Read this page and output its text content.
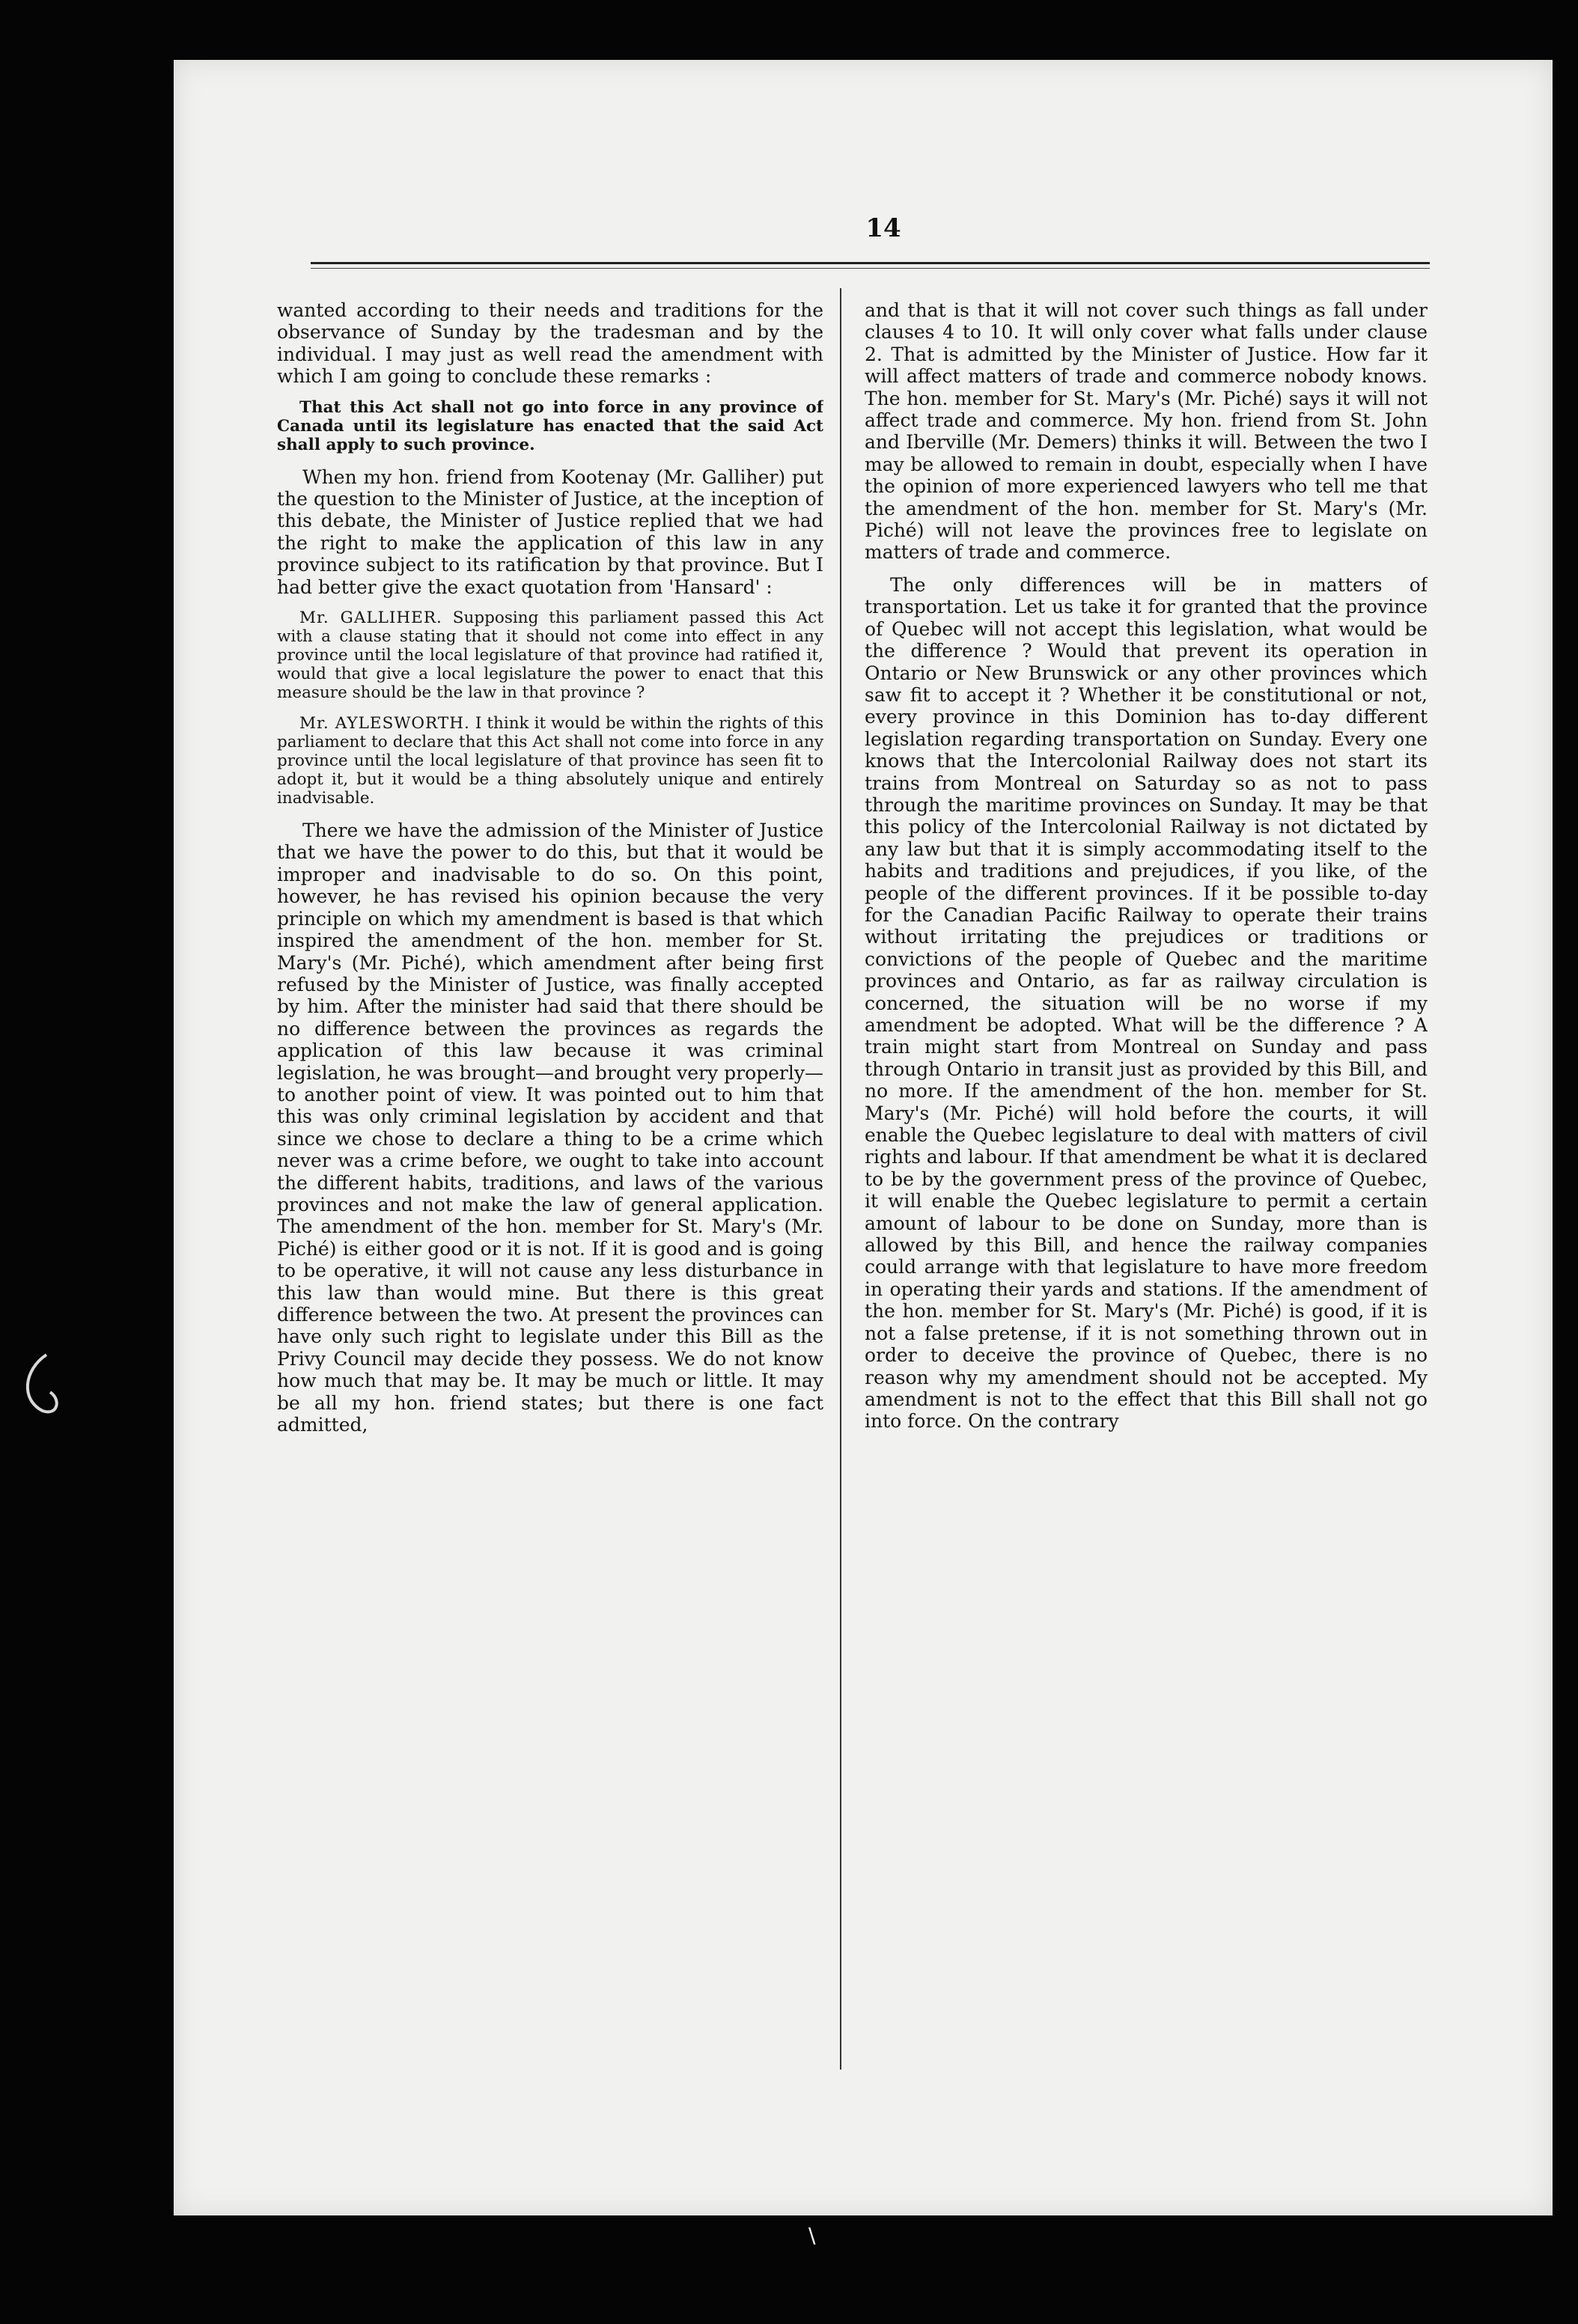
14

wanted according to their needs and traditions for the observance of Sunday by the tradesman and by the individual. I may just as well read the amendment with which I am going to conclude these remarks :

That this Act shall not go into force in any province of Canada until its legislature has enacted that the said Act shall apply to such province.

When my hon. friend from Kootenay (Mr. Galliher) put the question to the Minister of Justice, at the inception of this debate, the Minister of Justice replied that we had the right to make the application of this law in any province subject to its ratification by that province. But I had better give the exact quotation from 'Hansard' :

Mr. GALLIHER. Supposing this parliament passed this Act with a clause stating that it should not come into effect in any province until the local legislature of that province had ratified it, would that give a local legislature the power to enact that this measure should be the law in that province ?

Mr. AYLESWORTH. I think it would be within the rights of this parliament to declare that this Act shall not come into force in any province until the local legislature of that province has seen fit to adopt it, but it would be a thing absolutely unique and entirely inadvisable.

There we have the admission of the Minister of Justice that we have the power to do this, but that it would be improper and inadvisable to do so. On this point, however, he has revised his opinion because the very principle on which my amendment is based is that which inspired the amendment of the hon. member for St. Mary's (Mr. Piché), which amendment after being first refused by the Minister of Justice, was finally accepted by him. After the minister had said that there should be no difference between the provinces as regards the application of this law because it was criminal legislation, he was brought—and brought very properly—to another point of view. It was pointed out to him that this was only criminal legislation by accident and that since we chose to declare a thing to be a crime which never was a crime before, we ought to take into account the different habits, traditions, and laws of the various provinces and not make the law of general application. The amendment of the hon. member for St. Mary's (Mr. Piché) is either good or it is not. If it is good and is going to be operative, it will not cause any less disturbance in this law than would mine. But there is this great difference between the two. At present the provinces can have only such right to legislate under this Bill as the Privy Council may decide they possess. We do not know how much that may be. It may be much or little. It may be all my hon. friend states; but there is one fact admitted,

and that is that it will not cover such things as fall under clauses 4 to 10. It will only cover what falls under clause 2. That is admitted by the Minister of Justice. How far it will affect matters of trade and commerce nobody knows. The hon. member for St. Mary's (Mr. Piché) says it will not affect trade and commerce. My hon. friend from St. John and Iberville (Mr. Demers) thinks it will. Between the two I may be allowed to remain in doubt, especially when I have the opinion of more experienced lawyers who tell me that the amendment of the hon. member for St. Mary's (Mr. Piché) will not leave the provinces free to legislate on matters of trade and commerce.

The only differences will be in matters of transportation. Let us take it for granted that the province of Quebec will not accept this legislation, what would be the difference ? Would that prevent its operation in Ontario or New Brunswick or any other provinces which saw fit to accept it ? Whether it be constitutional or not, every province in this Dominion has to-day different legislation regarding transportation on Sunday. Every one knows that the Intercolonial Railway does not start its trains from Montreal on Saturday so as not to pass through the maritime provinces on Sunday. It may be that this policy of the Intercolonial Railway is not dictated by any law but that it is simply accommodating itself to the habits and traditions and prejudices, if you like, of the people of the different provinces. If it be possible to-day for the Canadian Pacific Railway to operate their trains without irritating the prejudices or traditions or convictions of the people of Quebec and the maritime provinces and Ontario, as far as railway circulation is concerned, the situation will be no worse if my amendment be adopted. What will be the difference ? A train might start from Montreal on Sunday and pass through Ontario in transit just as provided by this Bill, and no more. If the amendment of the hon. member for St. Mary's (Mr. Piché) will hold before the courts, it will enable the Quebec legislature to deal with matters of civil rights and labour. If that amendment be what it is declared to be by the government press of the province of Quebec, it will enable the Quebec legislature to permit a certain amount of labour to be done on Sunday, more than is allowed by this Bill, and hence the railway companies could arrange with that legislature to have more freedom in operating their yards and stations. If the amendment of the hon. member for St. Mary's (Mr. Piché) is good, if it is not a false pretense, if it is not something thrown out in order to deceive the province of Quebec, there is no reason why my amendment should not be accepted. My amendment is not to the effect that this Bill shall not go into force. On the contrary

\
